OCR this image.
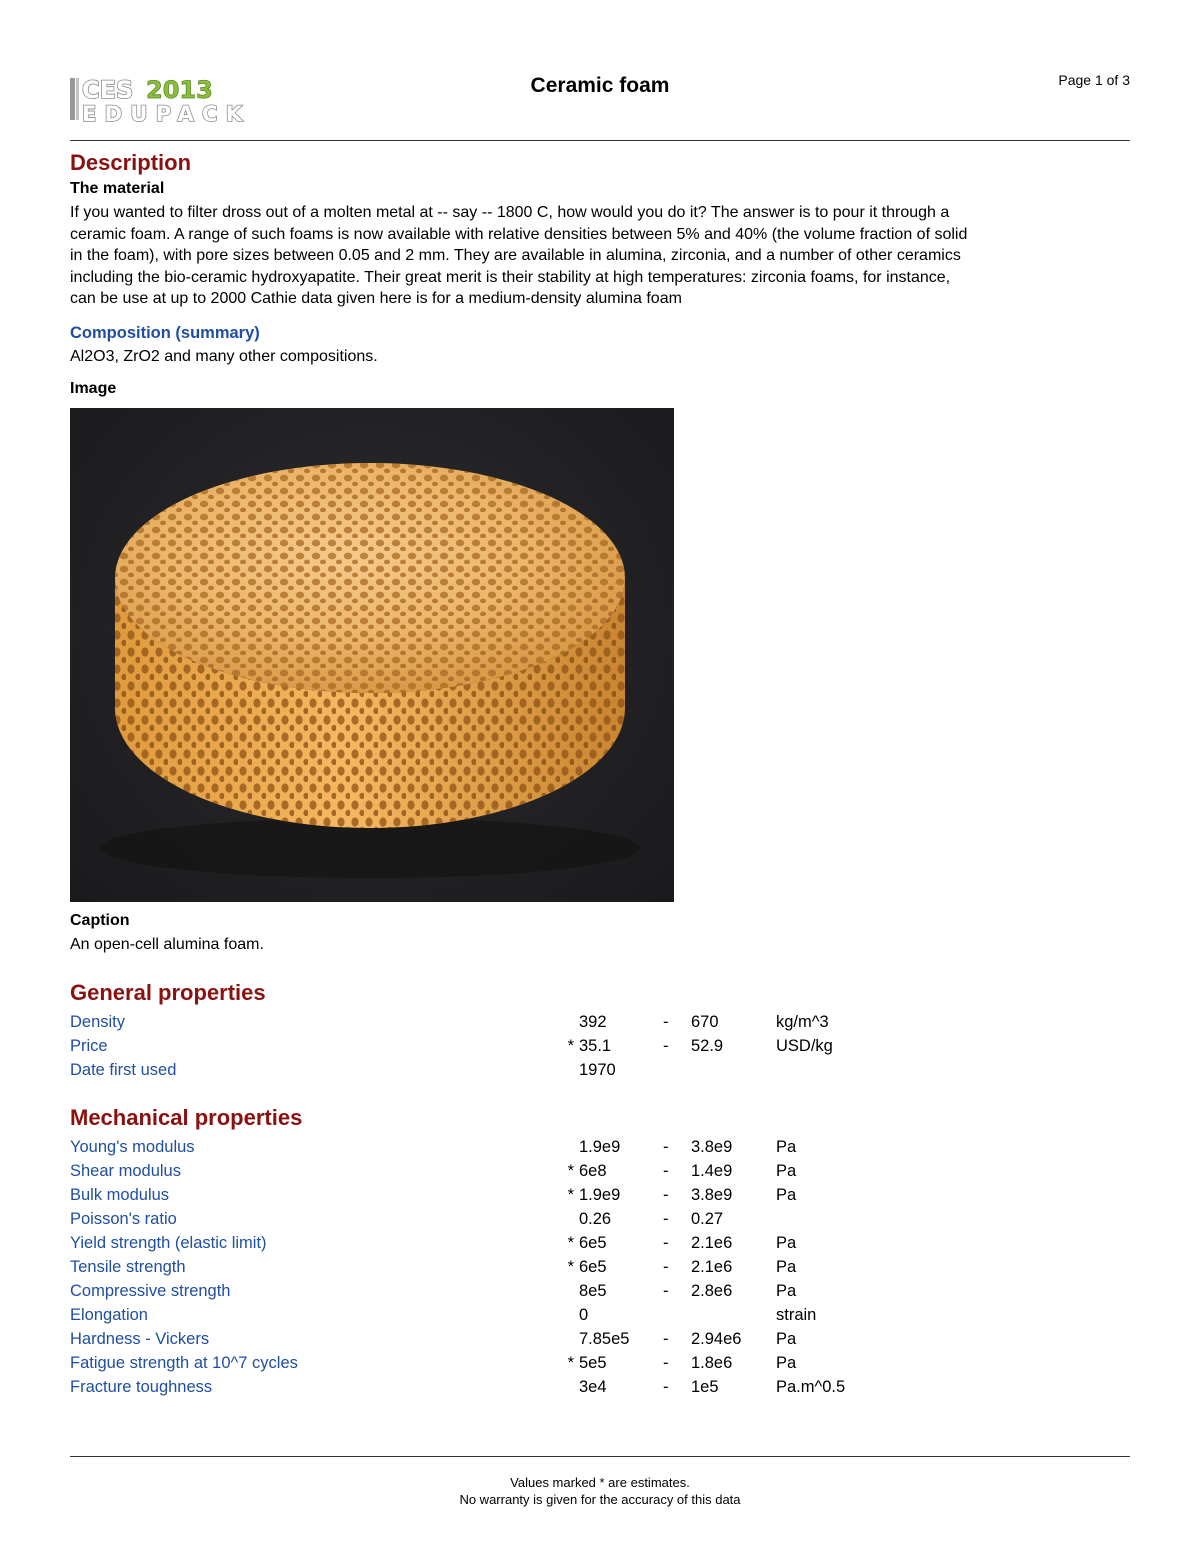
CES 2013
EDUPACK
Ceramic foam	Page 1 of 3
Description
The material
If you wanted to filter dross out of a molten metal at -- say -- 1800 C, how would you do it? The answer is to pour it through a ceramic foam. A range of such foams is now available with relative densities between 5% and 40% (the volume fraction of solid in the foam), with pore sizes between 0.05 and 2 mm. They are available in alumina, zirconia, and a number of other ceramics including the bio-ceramic hydroxyapatite. Their great merit is their stability at high temperatures: zirconia foams, for instance, can be use at up to 2000 Cathie data given here is for a medium-density alumina foam
Composition (summary)
Al2O3, ZrO2 and many other compositions.
Image
Caption
An open-cell alumina foam.
General properties
Density	392	- 670	kg/m^3
Price	* 35.1	- 52.9	USD/kg
Date first used	1970
Mechanical properties
Young's modulus	1.9e9	- 3.8e9	Pa
Shear modulus	* 6e8	- 1.4e9	Pa
Bulk modulus	* 1.9e9	- 3.8e9	Pa
Poisson's ratio	0.26	- 0.27
Yield strength (elastic limit)	* 6e5	- 2.1e6	Pa
Tensile strength	* 6e5	- 2.1e6	Pa
Compressive strength	8e5	- 2.8e6	Pa
Elongation	0	strain
Hardness - Vickers	7.85e5 - 2.94e6 Pa
Fatigue strength at 10^7 cycles	* 5e5	- 1.8e6	Pa
Fracture toughness	3e4	- 1e5	Pa.m^0.5
Values marked * are estimates.
No warranty is given for the accuracy of this data
